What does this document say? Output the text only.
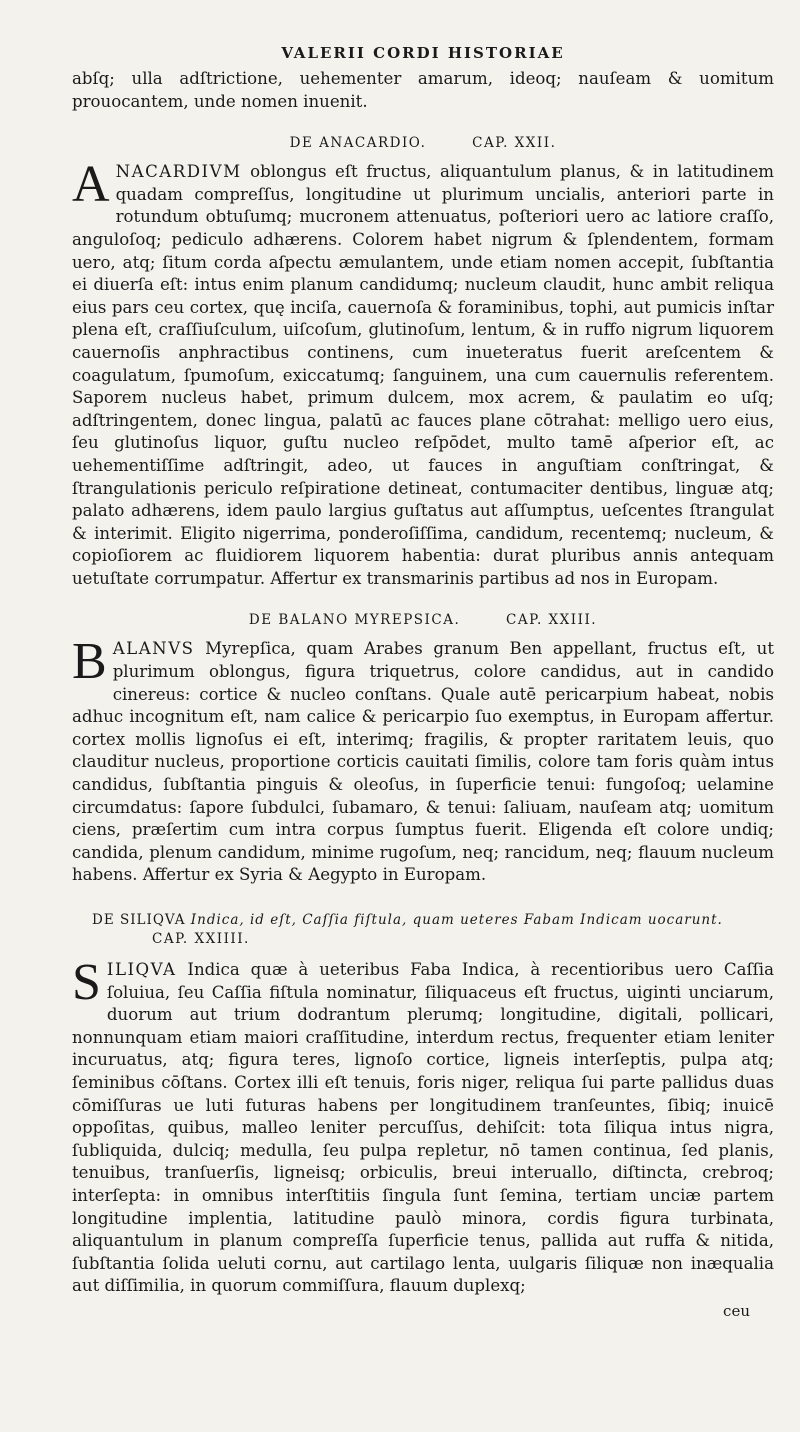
VALERII CORDI HISTORIAE

abſq; ulla adſtrictione, uehementer amarum, ideoq; nauſeam & uomitum prouocantem, unde nomen inuenit.

DE ANACARDIO.	CAP. XXII.

ANACARDIVM oblongus eſt fructus, aliquantulum planus, & in latitudinem quadam compreſſus, longitudine ut plurimum uncialis, anteriori parte in rotundum obtuſumq; mucronem attenuatus, poſteriori uero ac latiore craſſo, anguloſoq; pediculo adhærens. Colorem habet nigrum & ſplendentem, formam uero, atq; ſitum corda aſpectu æmulantem, unde etiam nomen accepit, ſubſtantia ei diuerſa eſt: intus enim planum candidumq; nucleum claudit, hunc ambit reliqua eius pars ceu cortex, quę inciſa, cauernoſa & foraminibus, tophi, aut pumicis inſtar plena eſt, craſſiuſculum, uiſcoſum, glutinoſum, lentum, & in ruffo nigrum liquorem cauernoſis anphractibus continens, cum inueteratus fuerit areſcentem & coagulatum, ſpumoſum, exiccatumq; ſanguinem, una cum cauernulis referentem. Saporem nucleus habet, primum dulcem, mox acrem, & paulatim eo uſq; adſtringentem, donec lingua, palatū ac fauces plane cōtrahat: melligo uero eius, ſeu glutinoſus liquor, guſtu nucleo reſpōdet, multo tamē aſperior eſt, ac uehementiſſime adſtringit, adeo, ut fauces in anguſtiam conſtringat, & ſtrangulationis periculo reſpiratione detineat, contumaciter dentibus, linguæ atq; palato adhærens, idem paulo largius guſtatus aut aſſumptus, ueſcentes ſtrangulat & interimit. Eligito nigerrima, ponderoſiſſima, candidum, recentemq; nucleum, & copioſiorem ac fluidiorem liquorem habentia: durat pluribus annis antequam uetuſtate corrumpatur. Affertur ex transmarinis partibus ad nos in Europam.

DE BALANO MYREPSICA.	CAP. XXIII.

BALANVS Myrepſica, quam Arabes granum Ben appellant, fructus eſt, ut plurimum oblongus, figura triquetrus, colore candidus, aut in candido cinereus: cortice & nucleo conſtans. Quale autē pericarpium habeat, nobis adhuc incognitum eſt, nam calice & pericarpio ſuo exemptus, in Europam affertur. cortex mollis lignoſus ei eſt, interimq; fragilis, & propter raritatem leuis, quo clauditur nucleus, proportione corticis cauitati ſimilis, colore tam foris quàm intus candidus, ſubſtantia pinguis & oleoſus, in ſuperficie tenui: fungoſoq; uelamine circumdatus: ſapore ſubdulci, ſubamaro, & tenui: ſaliuam, nauſeam atq; uomitum ciens, præſertim cum intra corpus ſumptus fuerit. Eligenda eſt colore undiq; candida, plenum candidum, minime rugoſum, neq; rancidum, neq; flauum nucleum habens. Affertur ex Syria & Aegypto in Europam.

DE SILIQVA Indica, id eſt, Caſſia fiſtula, quam ueteres Fabam Indicam uocarunt. CAP. XXIIII.

SILIQVA Indica quæ à ueteribus Faba Indica, à recentioribus uero Caſſia ſoluiua, ſeu Caſſia fiſtula nominatur, ſiliquaceus eſt fructus, uiginti unciarum, duorum aut trium dodrantum plerumq; longitudine, digitali, pollicari, nonnunquam etiam maiori craſſitudine, interdum rectus, frequenter etiam leniter incuruatus, atq; figura teres, lignoſo cortice, ligneis interſeptis, pulpa atq; ſeminibus cōſtans. Cortex illi eſt tenuis, foris niger, reliqua ſui parte pallidus duas cōmiſſuras ue luti futuras habens per longitudinem tranſeuntes, ſibiq; inuicē oppoſitas, quibus, malleo leniter percuſſus, dehiſcit: tota ſiliqua intus nigra, ſubliquida, dulciq; medulla, ſeu pulpa repletur, nō tamen continua, ſed planis, tenuibus, tranſuerſis, ligneisq; orbiculis, breui interuallo, diſtincta, crebroq; interſepta: in omnibus interſtitiis ſingula ſunt ſemina, tertiam unciæ partem longitudine implentia, latitudine paulò minora, cordis figura turbinata, aliquantulum in planum compreſſa ſuperficie tenus, pallida aut ruffa & nitida, ſubſtantia ſolida ueluti cornu, aut cartilago lenta, uulgaris ſiliquæ non inæqualia aut diſſimilia, in quorum commiſſura, flauum duplexq;

ceu
